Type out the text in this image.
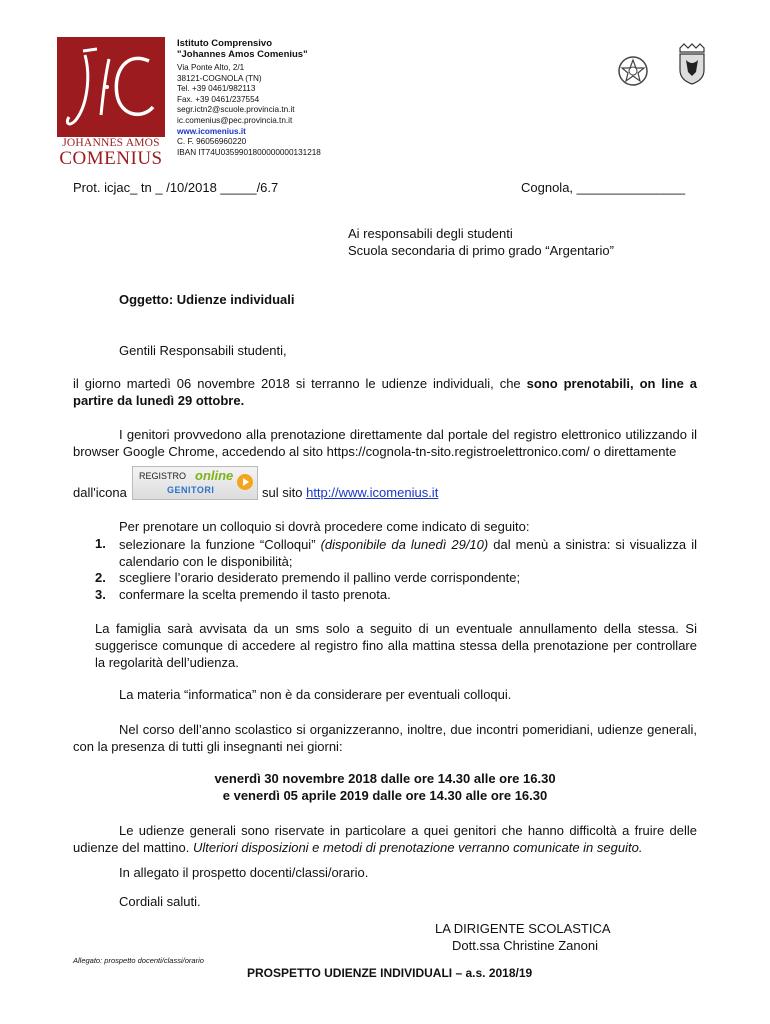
JOHANNES AMOS
COMENIUS
Istituto Comprensivo
"Johannes Amos Comenius"
Via Ponte Alto, 2/1
38121-COGNOLA (TN)
Tel. +39 0461/982113
Fax. +39 0461/237554
segr.ictn2@scuole.provincia.tn.it
ic.comenius@pec.provincia.tn.it
www.icomenius.it
C. F. 96056960220
IBAN IT74U0359901800000000131218
Prot. icjac_ tn _ /10/2018 _____/6.7	Cognola, _______________
Ai responsabili degli studenti
Scuola secondaria di primo grado “Argentario”
Oggetto: Udienze individuali
Gentili Responsabili studenti,
il giorno martedì 06 novembre 2018 si terranno le udienze individuali, che sono prenotabili, on line a partire da lunedì 29 ottobre.
I genitori provvedono alla prenotazione direttamente dal portale del registro elettronico utilizzando il browser Google Chrome, accedendo al sito https://cognola-tn-sito.registroelettronico.com/ o direttamente
dall'icona
REGISTRO online
GENITORI	sul sito http://www.icomenius.it
Per prenotare un colloquio si dovrà procedere come indicato di seguito:
1. selezionare la funzione “Colloqui” (disponibile da lunedì 29/10) dal menù a sinistra: si visualizza il calendario con le disponibilità;
2. scegliere l’orario desiderato premendo il pallino verde corrispondente;
3. confermare la scelta premendo il tasto prenota.
La famiglia sarà avvisata da un sms solo a seguito di un eventuale annullamento della stessa. Si suggerisce comunque di accedere al registro fino alla mattina stessa della prenotazione per controllare la regolarità dell’udienza.
La materia “informatica” non è da considerare per eventuali colloqui.
Nel corso dell’anno scolastico si organizzeranno, inoltre, due incontri pomeridiani, udienze generali, con la presenza di tutti gli insegnanti nei giorni:
venerdì 30 novembre 2018 dalle ore 14.30 alle ore 16.30
e venerdì 05 aprile 2019 dalle ore 14.30 alle ore 16.30
Le udienze generali sono riservate in particolare a quei genitori che hanno difficoltà a fruire delle udienze del mattino. Ulteriori disposizioni e metodi di prenotazione verranno comunicate in seguito.
In allegato il prospetto docenti/classi/orario.
Cordiali saluti.
LA DIRIGENTE SCOLASTICA
Dott.ssa Christine Zanoni
Allegato: prospetto docenti/classi/orario
PROSPETTO UDIENZE INDIVIDUALI – a.s. 2018/19
